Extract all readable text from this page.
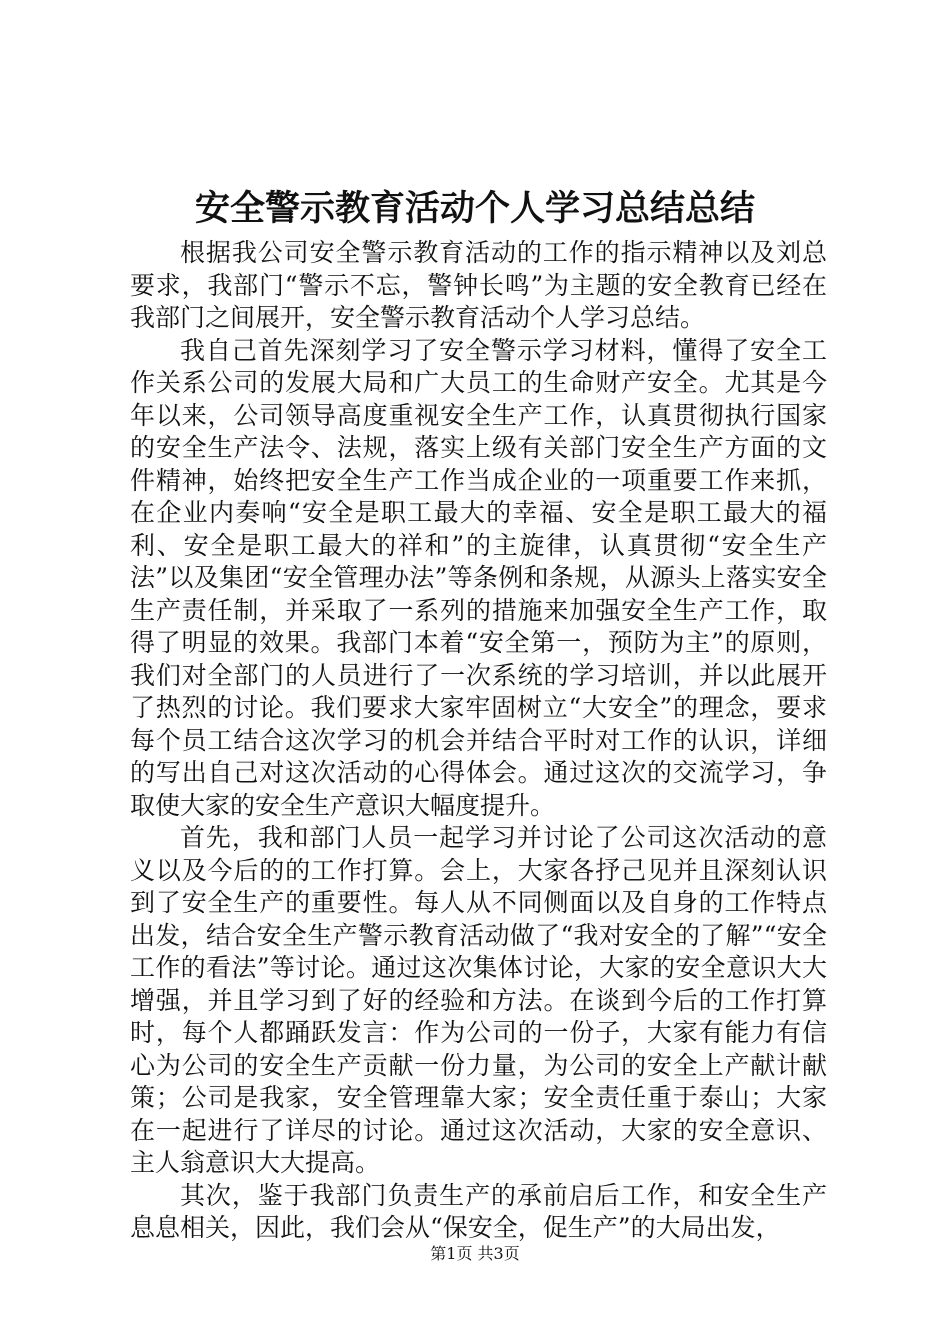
安全警示教育活动个人学习总结总结

根据我公司安全警示教育活动的工作的指示精神以及刘总要求，我部门“警示不忘，警钟长鸣”为主题的安全教育已经在我部门之间展开，安全警示教育活动个人学习总结。

我自己首先深刻学习了安全警示学习材料，懂得了安全工作关系公司的发展大局和广大员工的生命财产安全。尤其是今年以来，公司领导高度重视安全生产工作，认真贯彻执行国家的安全生产法令、法规，落实上级有关部门安全生产方面的文件精神，始终把安全生产工作当成企业的一项重要工作来抓，在企业内奏响“安全是职工最大的幸福、安全是职工最大的福利、安全是职工最大的祥和”的主旋律，认真贯彻“安全生产法”以及集团“安全管理办法”等条例和条规，从源头上落实安全生产责任制，并采取了一系列的措施来加强安全生产工作，取得了明显的效果。我部门本着“安全第一，预防为主”的原则，我们对全部门的人员进行了一次系统的学习培训，并以此展开了热烈的讨论。我们要求大家牢固树立“大安全”的理念，要求每个员工结合这次学习的机会并结合平时对工作的认识，详细的写出自己对这次活动的心得体会。通过这次的交流学习，争取使大家的安全生产意识大幅度提升。

首先，我和部门人员一起学习并讨论了公司这次活动的意义以及今后的的工作打算。会上，大家各抒己见并且深刻认识到了安全生产的重要性。每人从不同侧面以及自身的工作特点出发，结合安全生产警示教育活动做了“我对安全的了解”“安全工作的看法”等讨论。通过这次集体讨论，大家的安全意识大大增强，并且学习到了好的经验和方法。在谈到今后的工作打算时，每个人都踊跃发言：作为公司的一份子，大家有能力有信心为公司的安全生产贡献一份力量，为公司的安全上产献计献策；公司是我家，安全管理靠大家；安全责任重于泰山；大家在一起进行了详尽的讨论。通过这次活动，大家的安全意识、主人翁意识大大提高。

其次，鉴于我部门负责生产的承前启后工作，和安全生产息息相关，因此，我们会从“保安全，促生产”的大局出发，

第1页 共3页
